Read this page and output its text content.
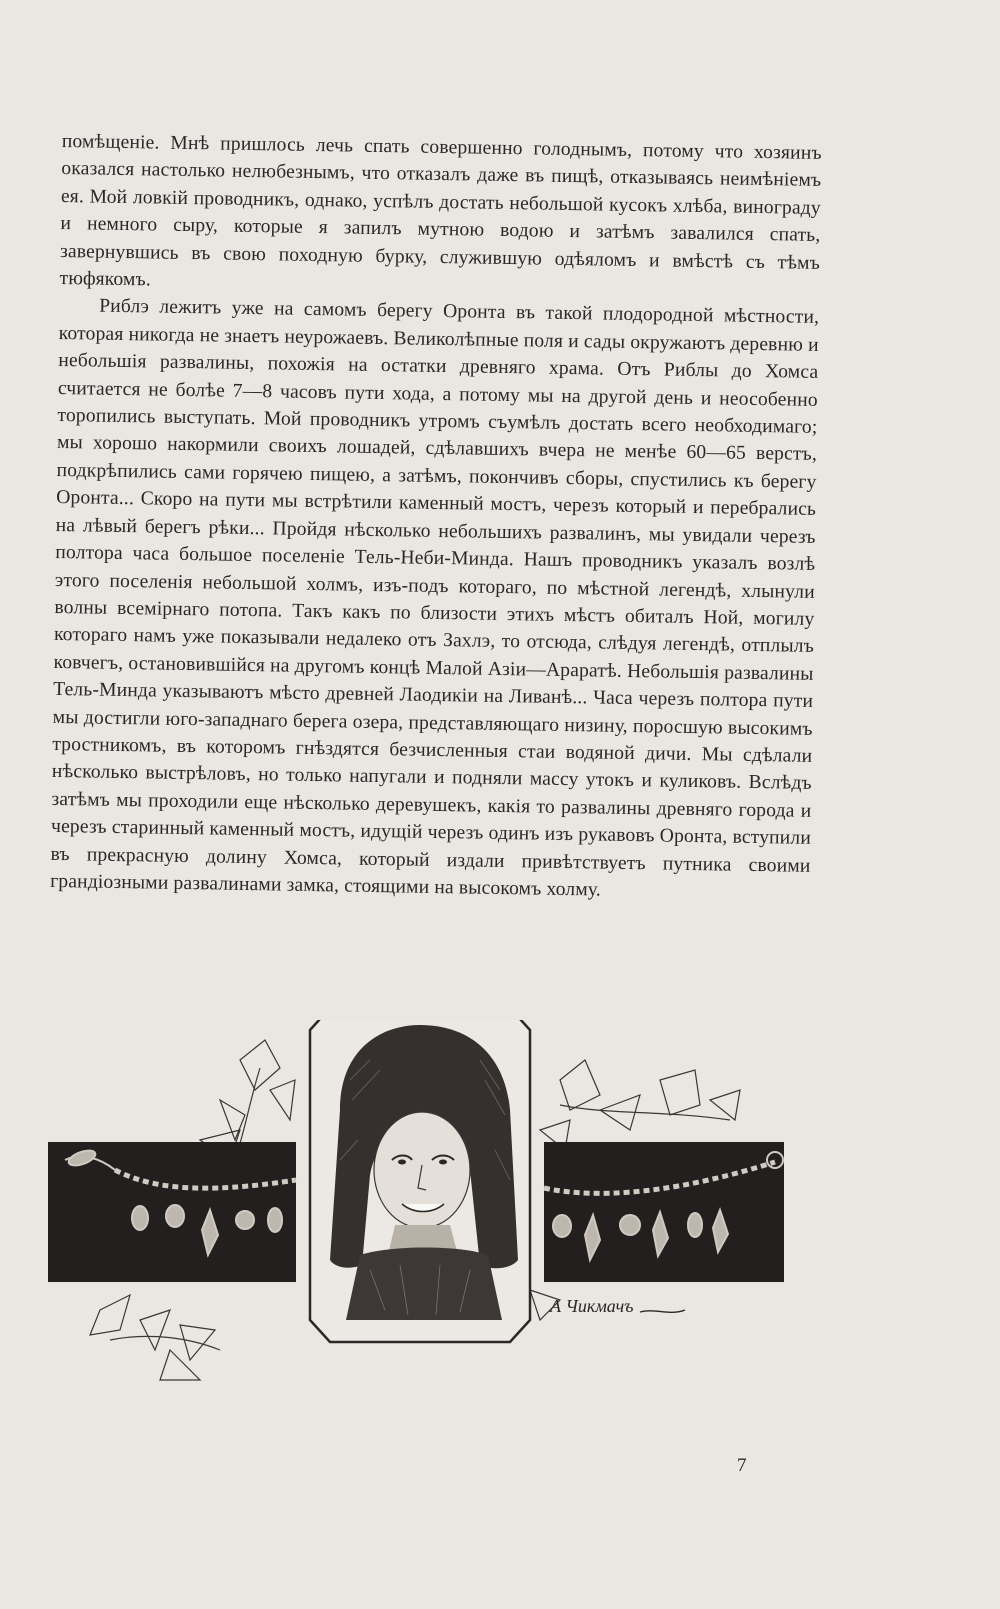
помѣщеніе. Мнѣ пришлось лечь спать совершенно голоднымъ, потому что хозяинъ оказался настолько нелюбезнымъ, что отказалъ даже въ пищѣ, отказываясь неимѣніемъ ея. Мой ловкій проводникъ, однако, успѣлъ достать небольшой кусокъ хлѣба, винограду и немного сыру, которые я запилъ мутною водою и затѣмъ завалился спать, завернувшись въ свою походную бурку, служившую одѣяломъ и вмѣстѣ съ тѣмъ тюфякомъ.

Риблэ лежитъ уже на самомъ берегу Оронта въ такой плодородной мѣстности, которая никогда не знаетъ неурожаевъ. Великолѣпные поля и сады окружаютъ деревню и небольшія развалины, похожія на остатки древняго храма. Отъ Риблы до Хомса считается не болѣе 7—8 часовъ пути хода, а потому мы на другой день и неособенно торопились выступать. Мой проводникъ утромъ съумѣлъ достать всего необходимаго; мы хорошо накормили своихъ лошадей, сдѣлавшихъ вчера не менѣе 60—65 верстъ, подкрѣпились сами горячею пищею, а затѣмъ, покончивъ сборы, спустились къ берегу Оронта... Скоро на пути мы встрѣтили каменный мостъ, черезъ который и перебрались на лѣвый берегъ рѣки... Пройдя нѣсколько небольшихъ развалинъ, мы увидали черезъ полтора часа большое поселеніе Тель-Неби-Минда. Нашъ проводникъ указалъ возлѣ этого поселенія небольшой холмъ, изъ-подъ котораго, по мѣстной легендѣ, хлынули волны всемірнаго потопа. Такъ какъ по близости этихъ мѣстъ обиталъ Ной, могилу котораго намъ уже показывали недалеко отъ Захлэ, то отсюда, слѣдуя легендѣ, отплылъ ковчегъ, остановившійся на другомъ концѣ Малой Азіи—Араратѣ. Небольшія развалины Тель-Минда указываютъ мѣсто древней Лаодикіи на Ливанѣ... Часа черезъ полтора пути мы достигли юго-западнаго берега озера, представляющаго низину, поросшую высокимъ тростникомъ, въ которомъ гнѣздятся безчисленныя стаи водяной дичи. Мы сдѣлали нѣсколько выстрѣловъ, но только напугали и подняли массу утокъ и куликовъ. Вслѣдъ затѣмъ мы проходили еще нѣсколько деревушекъ, какія то развалины древняго города и черезъ старинный каменный мостъ, идущій черезъ одинъ изъ рукавовъ Оронта, вступили въ прекрасную долину Хомса, который издали привѣтствуетъ путника своими грандіозными развалинами замка, стоящими на высокомъ холму.

А Чикмачъ
7
